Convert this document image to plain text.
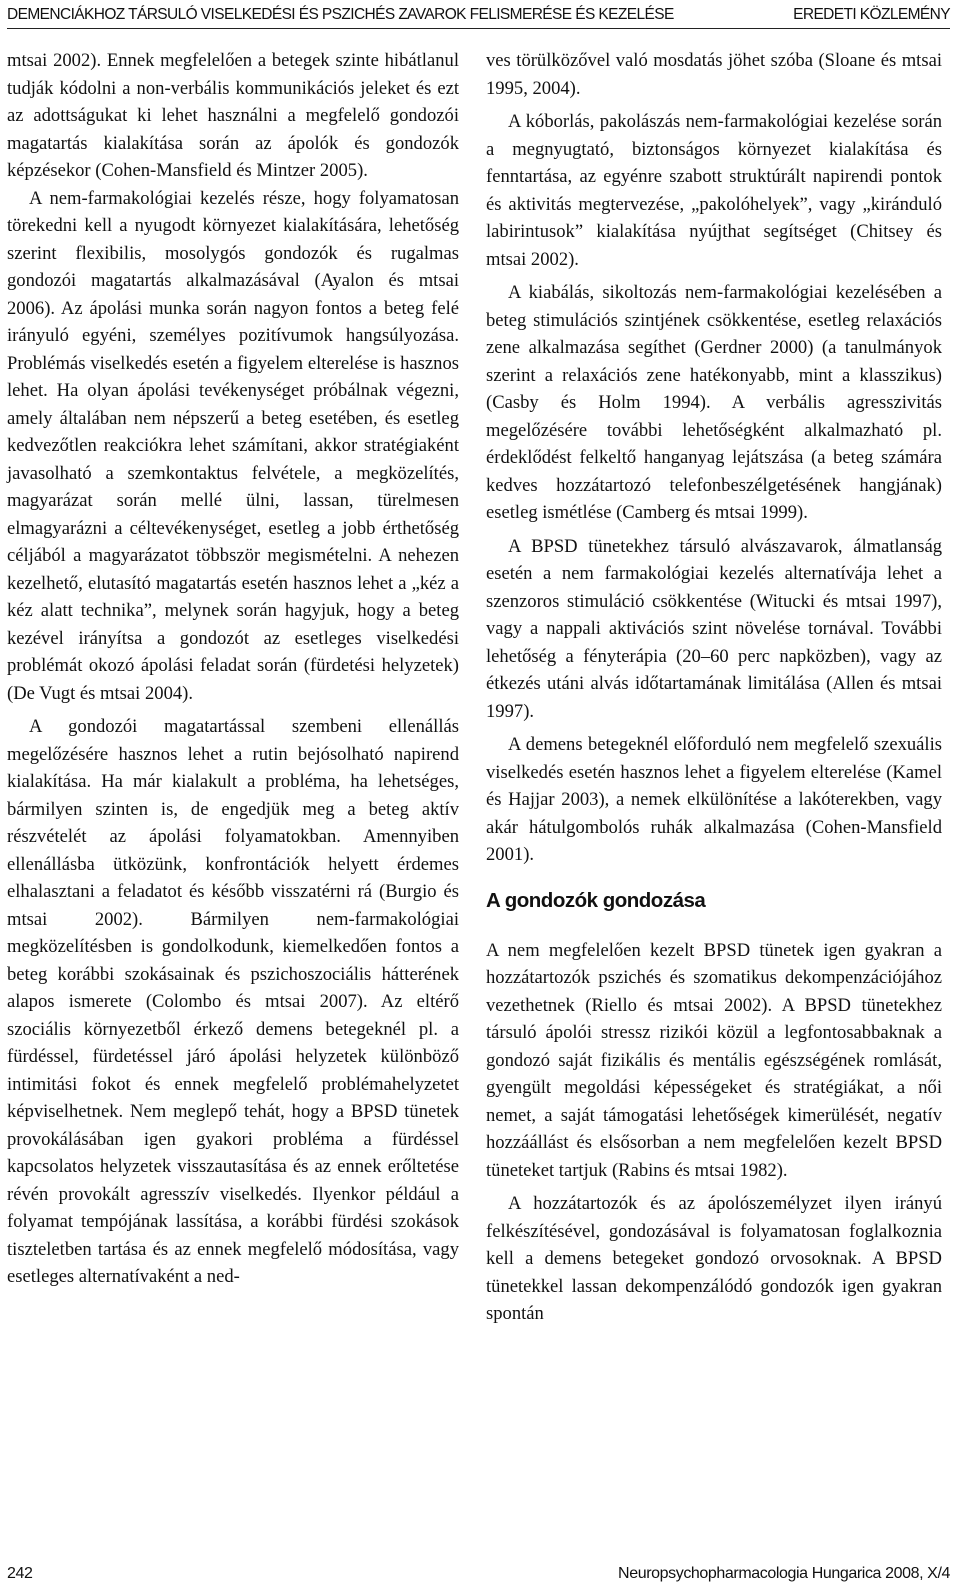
DEMENCIÁKHOZ TÁRSULÓ VISELKEDÉSI ÉS PSZICHÉS ZAVAROK FELISMERÉSE ÉS KEZELÉSE	EREDETI KÖZLEMÉNY

mtsai 2002). Ennek megfelelően a betegek szinte hibátlanul tudják kódolni a non-verbális kommunikációs jeleket és ezt az adottságukat ki lehet használni a megfelelő gondozói magatartás kialakítása során az ápolók és gondozók képzésekor (Cohen-Mansfield és Mintzer 2005).

A nem-farmakológiai kezelés része, hogy folyamatosan törekedni kell a nyugodt környezet kialakítására, lehetőség szerint flexibilis, mosolygós gondozók és rugalmas gondozói magatartás alkalmazásával (Ayalon és mtsai 2006). Az ápolási munka során nagyon fontos a beteg felé irányuló egyéni, személyes pozitívumok hangsúlyozása. Problémás viselkedés esetén a figyelem elterelése is hasznos lehet. Ha olyan ápolási tevékenységet próbálnak végezni, amely általában nem népszerű a beteg esetében, és esetleg kedvezőtlen reakciókra lehet számítani, akkor stratégiaként javasolható a szemkontaktus felvétele, a megközelítés, magyarázat során mellé ülni, lassan, türelmesen elmagyarázni a céltevékenységet, esetleg a jobb érthetőség céljából a magyarázatot többször megismételni. A nehezen kezelhető, elutasító magatartás esetén hasznos lehet a „kéz a kéz alatt technika”, melynek során hagyjuk, hogy a beteg kezével irányítsa a gondozót az esetleges viselkedési problémát okozó ápolási feladat során (fürdetési helyzetek) (De Vugt és mtsai 2004).

A gondozói magatartással szembeni ellenállás megelőzésére hasznos lehet a rutin bejósolható napirend kialakítása. Ha már kialakult a probléma, ha lehetséges, bármilyen szinten is, de engedjük meg a beteg aktív részvételét az ápolási folyamatokban. Amennyiben ellenállásba ütközünk, konfrontációk helyett érdemes elhalasztani a feladatot és később visszatérni rá (Burgio és mtsai 2002). Bármilyen nem-farmakológiai megközelítésben is gondolkodunk, kiemelkedően fontos a beteg korábbi szokásainak és pszichoszociális hátterének alapos ismerete (Colombo és mtsai 2007). Az eltérő szociális környezetből érkező demens betegeknél pl. a fürdéssel, fürdetéssel járó ápolási helyzetek különböző intimitási fokot és ennek megfelelő problémahelyzetet képviselhetnek. Nem meglepő tehát, hogy a BPSD tünetek provokálásában igen gyakori probléma a fürdéssel kapcsolatos helyzetek visszautasítása és az ennek erőltetése révén provokált agresszív viselkedés. Ilyenkor például a folyamat tempójának lassítása, a korábbi fürdési szokások tiszteletben tartása és az ennek megfelelő módosítása, vagy esetleges alternatívaként a ned-

ves törülközővel való mosdatás jöhet szóba (Sloane és mtsai 1995, 2004).

A kóborlás, pakolászás nem-farmakológiai kezelése során a megnyugtató, biztonságos környezet kialakítása és fenntartása, az egyénre szabott struktúrált napirendi pontok és aktivitás megtervezése, „pakolóhelyek”, vagy „kiránduló labirintusok” kialakítása nyújthat segítséget (Chitsey és mtsai 2002).

A kiabálás, sikoltozás nem-farmakológiai kezelésében a beteg stimulációs szintjének csökkentése, esetleg relaxációs zene alkalmazása segíthet (Gerdner 2000) (a tanulmányok szerint a relaxációs zene hatékonyabb, mint a klasszikus) (Casby és Holm 1994). A verbális agresszivitás megelőzésére további lehetőségként alkalmazható pl. érdeklődést felkeltő hanganyag lejátszása (a beteg számára kedves hozzátartozó telefonbeszélgetésének hangjának) esetleg ismétlése (Camberg és mtsai 1999).

A BPSD tünetekhez társuló alvászavarok, álmatlanság esetén a nem farmakológiai kezelés alternatívája lehet a szenzoros stimuláció csökkentése (Witucki és mtsai 1997), vagy a nappali aktivációs szint növelése tornával. További lehetőség a fényterápia (20–60 perc napközben), vagy az étkezés utáni alvás időtartamának limitálása (Allen és mtsai 1997).

A demens betegeknél előforduló nem megfelelő szexuális viselkedés esetén hasznos lehet a figyelem elterelése (Kamel és Hajjar 2003), a nemek elkülönítése a lakóterekben, vagy akár hátulgombolós ruhák alkalmazása (Cohen-Mansfield 2001).

A gondozók gondozása

A nem megfelelően kezelt BPSD tünetek igen gyakran a hozzátartozók pszichés és szomatikus dekompenzációjához vezethetnek (Riello és mtsai 2002). A BPSD tünetekhez társuló ápolói stressz rizikói közül a legfontosabbaknak a gondozó saját fizikális és mentális egészségének romlását, gyengült megoldási képességeket és stratégiákat, a női nemet, a saját támogatási lehetőségek kimerülését, negatív hozzáállást és elsősorban a nem megfelelően kezelt BPSD tüneteket tartjuk (Rabins és mtsai 1982).

A hozzátartozók és az ápolószemélyzet ilyen irányú felkészítésével, gondozásával is folyamatosan foglalkoznia kell a demens betegeket gondozó orvosoknak. A BPSD tünetekkel lassan dekompenzálódó gondozók igen gyakran spontán

242	Neuropsychopharmacologia Hungarica 2008, X/4
